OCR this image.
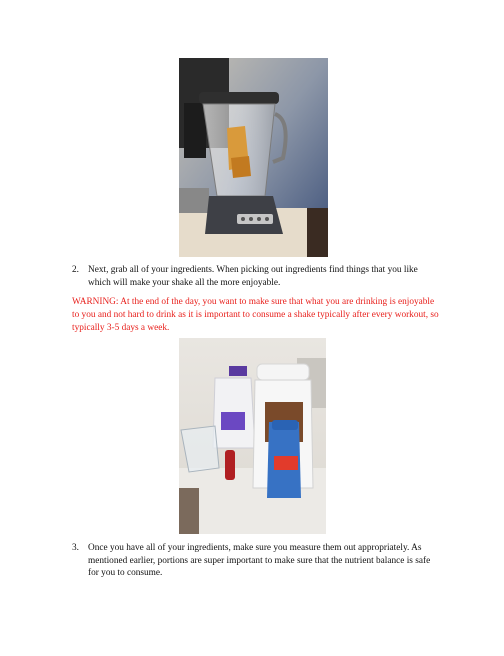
2. Next, grab all of your ingredients. When picking out ingredients find things that you like which will make your shake all the more enjoyable.
WARNING: At the end of the day, you want to make sure that what you are drinking is enjoyable to you and not hard to drink as it is important to consume a shake typically after every workout, so typically 3-5 days a week.
3. Once you have all of your ingredients, make sure you measure them out appropriately. As mentioned earlier, portions are super important to make sure that the nutrient balance is safe for you to consume.
